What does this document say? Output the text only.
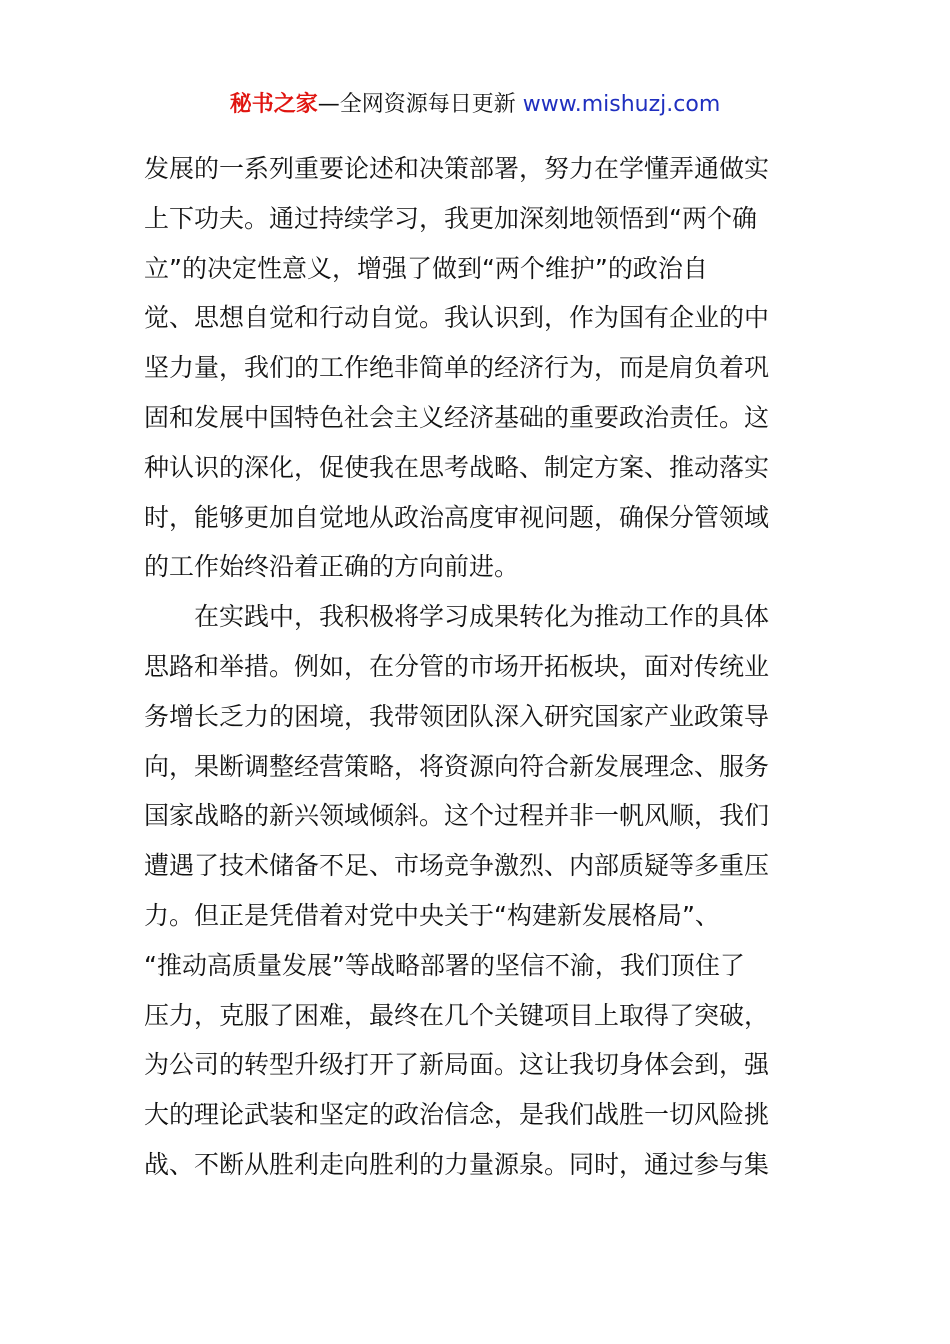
秘书之家—全网资源每日更新 www.mishuzj.com
发展的一系列重要论述和决策部署，努力在学懂弄通做实
上下功夫。通过持续学习，我更加深刻地领悟到“两个确
立”的决定性意义，增强了做到“两个维护”的政治自
觉、思想自觉和行动自觉。我认识到，作为国有企业的中
坚力量，我们的工作绝非简单的经济行为，而是肩负着巩
固和发展中国特色社会主义经济基础的重要政治责任。这
种认识的深化，促使我在思考战略、制定方案、推动落实
时，能够更加自觉地从政治高度审视问题，确保分管领域
的工作始终沿着正确的方向前进。
在实践中，我积极将学习成果转化为推动工作的具体
思路和举措。例如，在分管的市场开拓板块，面对传统业
务增长乏力的困境，我带领团队深入研究国家产业政策导
向，果断调整经营策略，将资源向符合新发展理念、服务
国家战略的新兴领域倾斜。这个过程并非一帆风顺，我们
遭遇了技术储备不足、市场竞争激烈、内部质疑等多重压
力。但正是凭借着对党中央关于“构建新发展格局”、
“推动高质量发展”等战略部署的坚信不渝，我们顶住了
压力，克服了困难，最终在几个关键项目上取得了突破，
为公司的转型升级打开了新局面。这让我切身体会到，强
大的理论武装和坚定的政治信念，是我们战胜一切风险挑
战、不断从胜利走向胜利的力量源泉。同时，通过参与集
